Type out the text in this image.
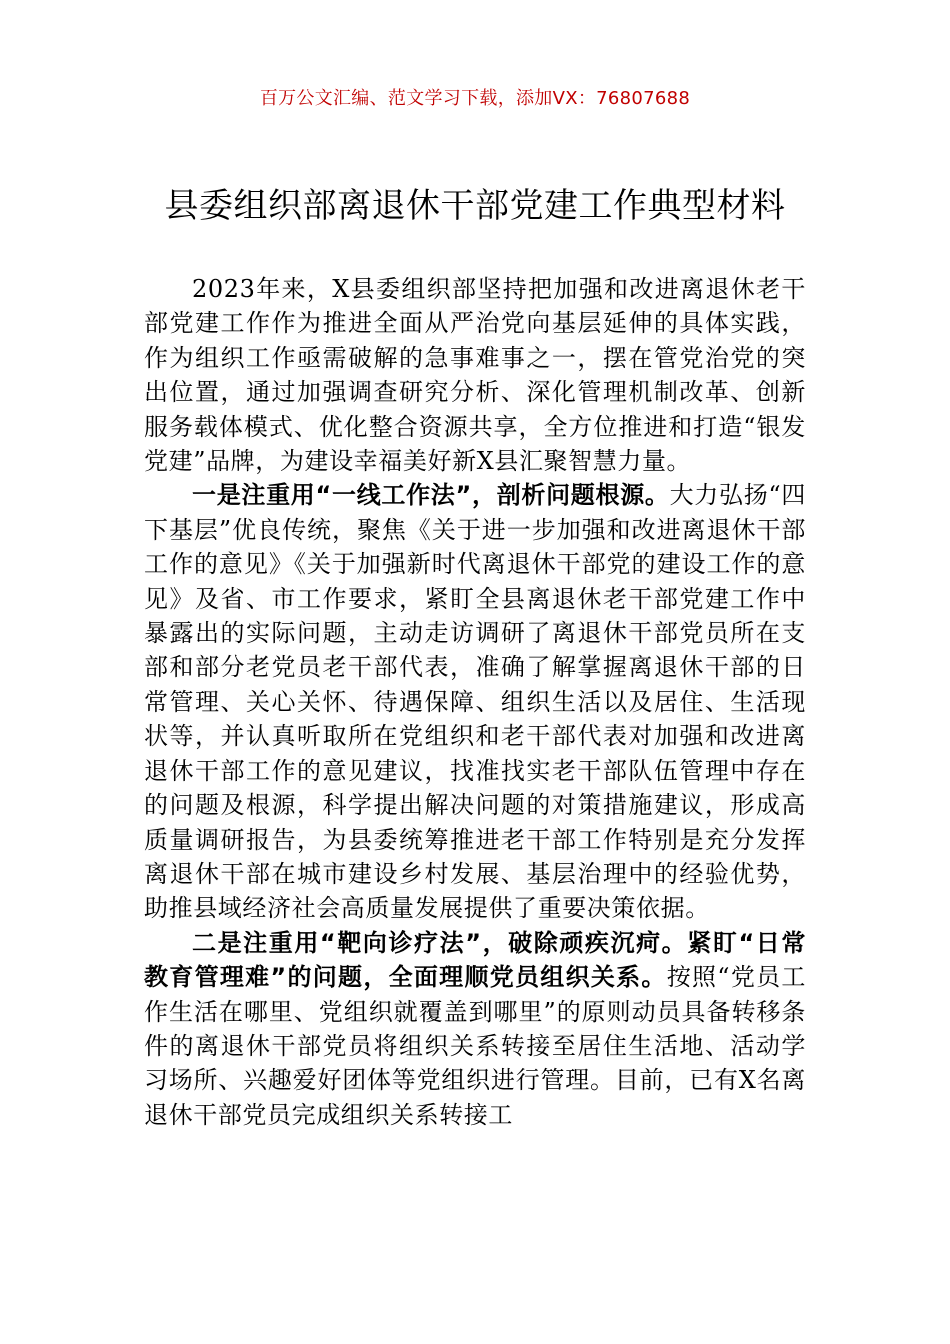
百万公文汇编、范文学习下载，添加VX：76807688
县委组织部离退休干部党建工作典型材料

2023年来，X县委组织部坚持把加强和改进离退休老干部党建工作作为推进全面从严治党向基层延伸的具体实践，作为组织工作亟需破解的急事难事之一，摆在管党治党的突出位置，通过加强调查研究分析、深化管理机制改革、创新服务载体模式、优化整合资源共享，全方位推进和打造“银发党建”品牌，为建设幸福美好新X县汇聚智慧力量。

一是注重用“一线工作法”，剖析问题根源。大力弘扬“四下基层”优良传统，聚焦《关于进一步加强和改进离退休干部工作的意见》《关于加强新时代离退休干部党的建设工作的意见》及省、市工作要求，紧盯全县离退休老干部党建工作中暴露出的实际问题，主动走访调研了离退休干部党员所在支部和部分老党员老干部代表，准确了解掌握离退休干部的日常管理、关心关怀、待遇保障、组织生活以及居住、生活现状等，并认真听取所在党组织和老干部代表对加强和改进离退休干部工作的意见建议，找准找实老干部队伍管理中存在的问题及根源，科学提出解决问题的对策措施建议，形成高质量调研报告，为县委统筹推进老干部工作特别是充分发挥离退休干部在城市建设乡村发展、基层治理中的经验优势，助推县域经济社会高质量发展提供了重要决策依据。

二是注重用“靶向诊疗法”，破除顽疾沉疴。紧盯“日常教育管理难”的问题，全面理顺党员组织关系。按照“党员工作生活在哪里、党组织就覆盖到哪里”的原则动员具备转移条件的离退休干部党员将组织关系转接至居住生活地、活动学习场所、兴趣爱好团体等党组织进行管理。目前，已有X名离退休干部党员完成组织关系转接工
